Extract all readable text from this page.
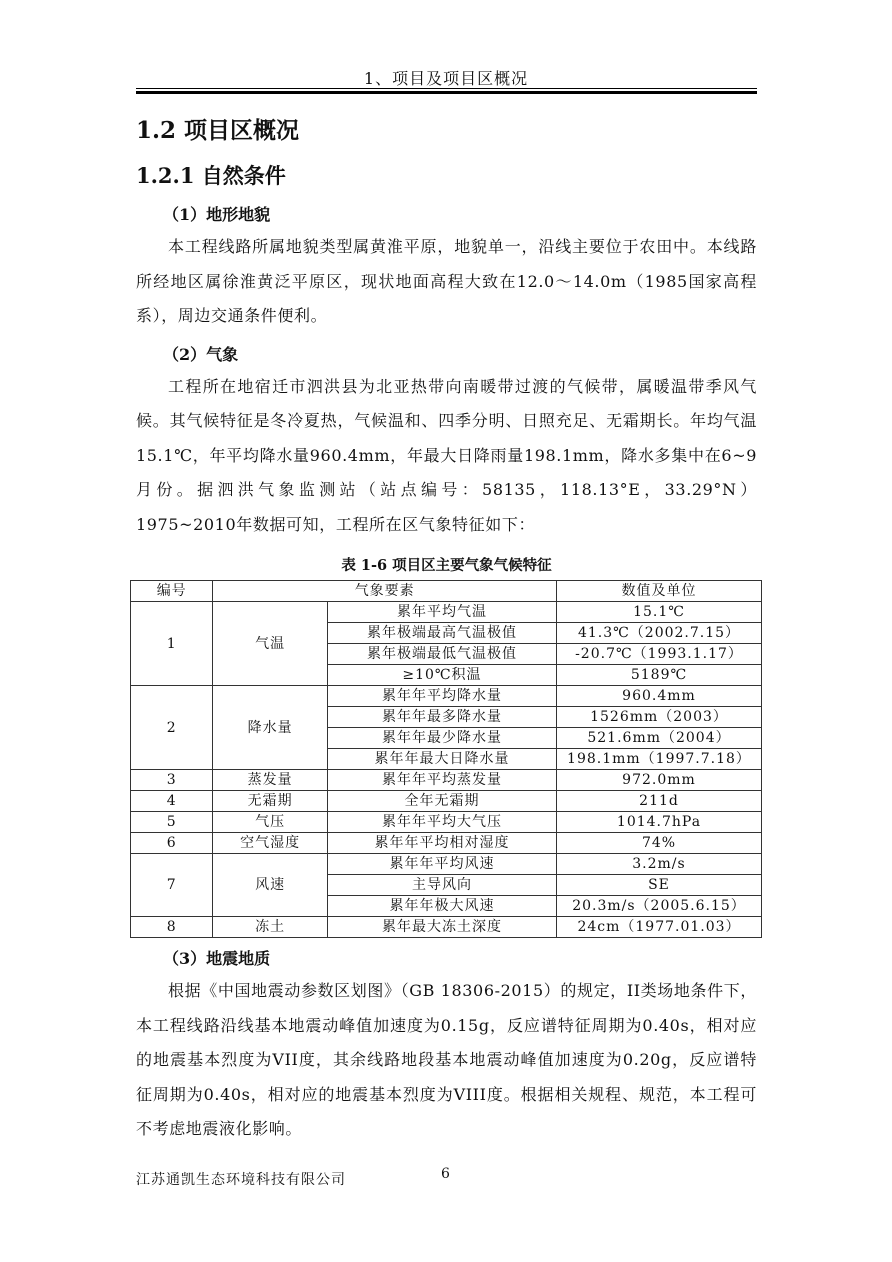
1、项目及项目区概况
1.2 项目区概况
1.2.1 自然条件
（1）地形地貌

本工程线路所属地貌类型属黄淮平原，地貌单一，沿线主要位于农田中。本线路所经地区属徐淮黄泛平原区，现状地面高程大致在12.0～14.0m（1985国家高程系），周边交通条件便利。

（2）气象

工程所在地宿迁市泗洪县为北亚热带向南暖带过渡的气候带，属暖温带季风气候。其气候特征是冬冷夏热，气候温和、四季分明、日照充足、无霜期长。年均气温15.1℃，年平均降水量960.4mm，年最大日降雨量198.1mm，降水多集中在6~9月份。据泗洪气象监测站（站点编号：58135，118.13°E，33.29°N）1975~2010年数据可知，工程所在区气象特征如下：

表 1-6 项目区主要气象气候特征
编号	气象要素		数值及单位
1	气温	累年平均气温	15.1℃
		累年极端最高气温极值	41.3℃（2002.7.15）
		累年极端最低气温极值	-20.7℃（1993.1.17）
		≥10℃积温	5189℃
2	降水量	累年年平均降水量	960.4mm
		累年年最多降水量	1526mm（2003）
		累年年最少降水量	521.6mm（2004）
		累年年最大日降水量	198.1mm（1997.7.18）
3	蒸发量	累年年平均蒸发量	972.0mm
4	无霜期	全年无霜期	211d
5	气压	累年年平均大气压	1014.7hPa
6	空气湿度	累年年平均相对湿度	74%
7	风速	累年年平均风速	3.2m/s
		主导风向	SE
		累年年极大风速	20.3m/s（2005.6.15）
8	冻土	累年最大冻土深度	24cm（1977.01.03）
（3）地震地质

根据《中国地震动参数区划图》（GB 18306-2015）的规定，II类场地条件下，本工程线路沿线基本地震动峰值加速度为0.15g，反应谱特征周期为0.40s，相对应的地震基本烈度为VII度，其余线路地段基本地震动峰值加速度为0.20g，反应谱特征周期为0.40s，相对应的地震基本烈度为VIII度。根据相关规程、规范，本工程可不考虑地震液化影响。

江苏通凯生态环境科技有限公司	6
